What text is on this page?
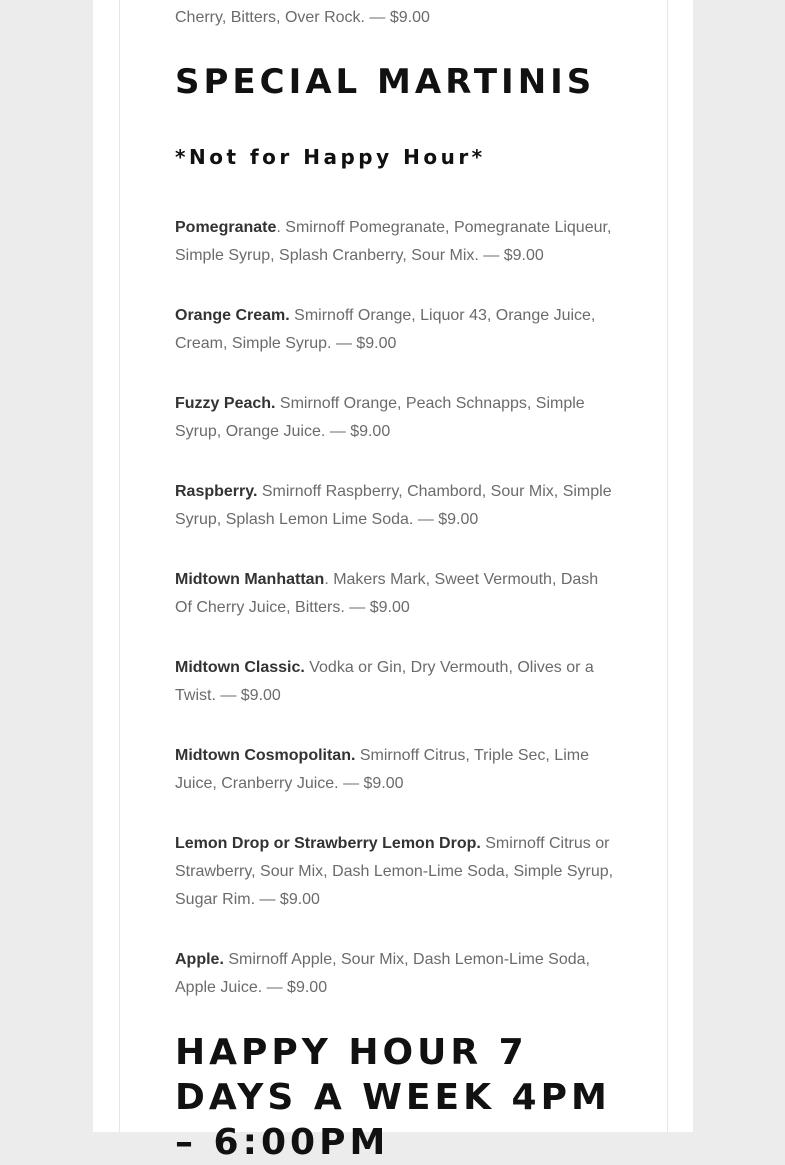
Cherry, Bitters, Over Rock. — $9.00
SPECIAL MARTINIS
*Not for Happy Hour*

Pomegranate. Smirnoff Pomegranate, Pomegranate Liqueur, Simple Syrup, Splash Cranberry, Sour Mix. — $9.00

Orange Cream. Smirnoff Orange, Liquor 43, Orange Juice, Cream, Simple Syrup. — $9.00

Fuzzy Peach. Smirnoff Orange, Peach Schnapps, Simple Syrup, Orange Juice. — $9.00

Raspberry. Smirnoff Raspberry, Chambord, Sour Mix, Simple Syrup, Splash Lemon Lime Soda. — $9.00

Midtown Manhattan. Makers Mark, Sweet Vermouth, Dash Of Cherry Juice, Bitters. — $9.00

Midtown Classic. Vodka or Gin, Dry Vermouth, Olives or a Twist. — $9.00

Midtown Cosmopolitan. Smirnoff Citrus, Triple Sec, Lime Juice, Cranberry Juice. — $9.00

Lemon Drop or Strawberry Lemon Drop. Smirnoff Citrus or Strawberry, Sour Mix, Dash Lemon-Lime Soda, Simple Syrup, Sugar Rim. — $9.00

Apple. Smirnoff Apple, Sour Mix, Dash Lemon-Lime Soda, Apple Juice. — $9.00

HAPPY HOUR 7 DAYS A WEEK 4PM – 6:00PM
